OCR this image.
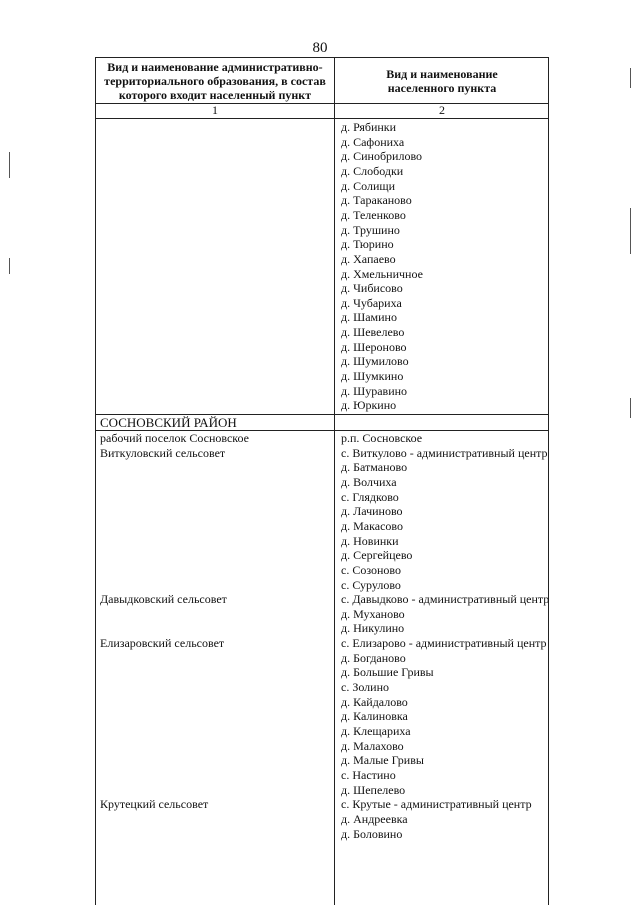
80
Вид и наименование административно-
территориального образования, в состав
которого входит населенный пункт
Вид и наименование
населенного пункта
1	2
д. Рябинки
д. Сафониха
д. Синобрилово
д. Слободки
д. Солищи
д. Тараканово
д. Теленково
д. Трушино
д. Тюрино
д. Хапаево
д. Хмельничное
д. Чибисово
д. Чубариха
д. Шамино
д. Шевелево
д. Шероново
д. Шумилово
д. Шумкино
д. Шуравино
д. Юркино
СОСНОВСКИЙ РАЙОН
рабочий поселок Сосновское	р.п. Сосновское
Виткуловский сельсовет	с. Виткулово - административный центр
д. Батманово
д. Волчиха
с. Глядково
д. Лачиново
д. Макасово
д. Новинки
д. Сергейцево
с. Созоново
с. Сурулово
Давыдковский сельсовет	с. Давыдково - административный центр
д. Муханово
д. Никулино
Елизаровский сельсовет	с. Елизарово - административный центр
д. Богданово
д. Большие Гривы
с. Золино
д. Кайдалово
д. Калиновка
д. Клещариха
д. Малахово
д. Малые Гривы
с. Настино
д. Шепелево
Крутецкий сельсовет	с. Крутые - административный центр
д. Андреевка
д. Боловино
